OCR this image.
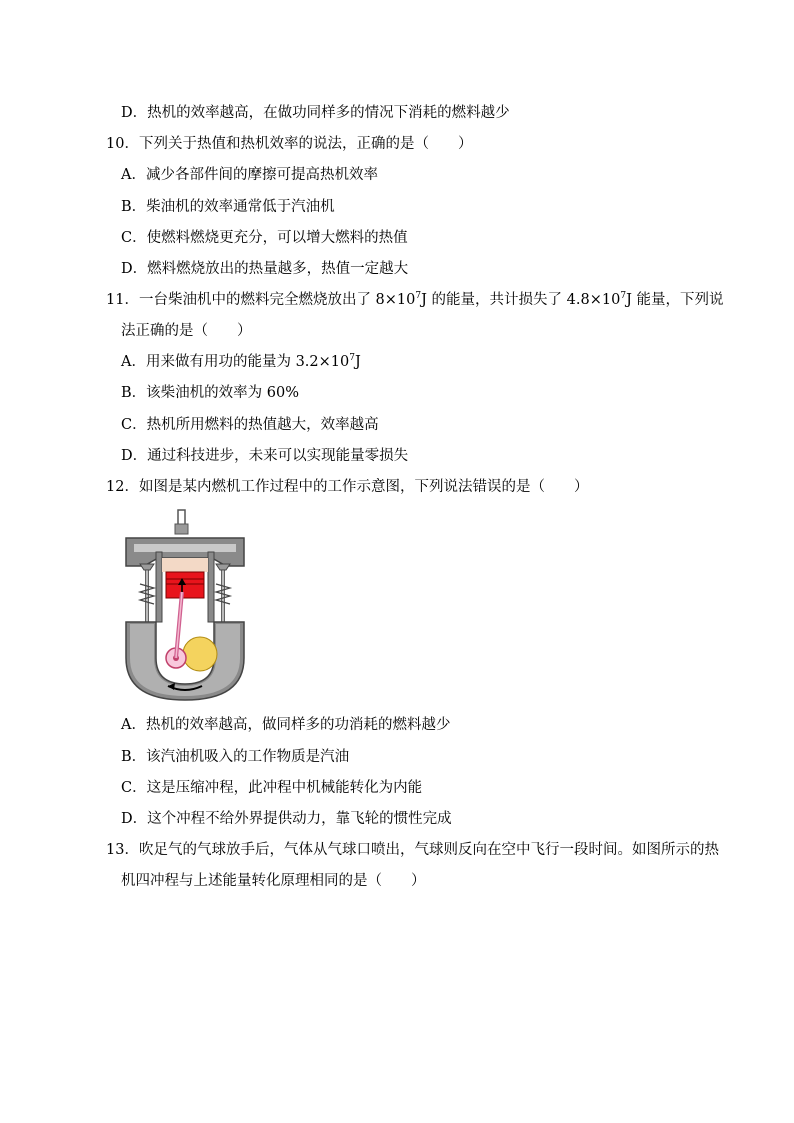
D．热机的效率越高，在做功同样多的情况下消耗的燃料越少
10．下列关于热值和热机效率的说法，正确的是（　　）
A．减少各部件间的摩擦可提高热机效率
B．柴油机的效率通常低于汽油机
C．使燃料燃烧更充分，可以增大燃料的热值
D．燃料燃烧放出的热量越多，热值一定越大
11．一台柴油机中的燃料完全燃烧放出了 $8\times 10^7J$ 的能量，共计损失了 $4.8\times 10^7J$ 能量，下列说
法正确的是（　　）
A．用来做有用功的能量为 $3.2\times 10^7J$
B．该柴油机的效率为 60%
C．热机所用燃料的热值越大，效率越高
D．通过科技进步，未来可以实现能量零损失
12．如图是某内燃机工作过程中的工作示意图，下列说法错误的是（　　）
A．热机的效率越高，做同样多的功消耗的燃料越少
B．该汽油机吸入的工作物质是汽油
C．这是压缩冲程，此冲程中机械能转化为内能
D．这个冲程不给外界提供动力，靠飞轮的惯性完成
13．吹足气的气球放手后，气体从气球口喷出，气球则反向在空中飞行一段时间。如图所示的热
机四冲程与上述能量转化原理相同的是（　　）
